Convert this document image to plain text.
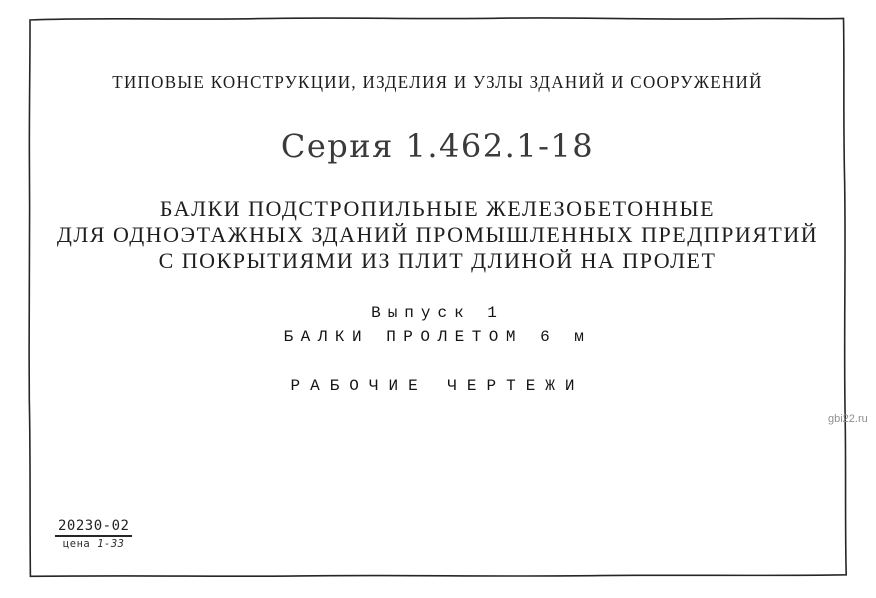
ТИПОВЫЕ КОНСТРУКЦИИ, ИЗДЕЛИЯ И УЗЛЫ ЗДАНИЙ И СООРУЖЕНИЙ
Серия 1.462.1-18
БАЛКИ ПОДСТРОПИЛЬНЫЕ ЖЕЛЕЗОБЕТОННЫЕ
ДЛЯ ОДНОЭТАЖНЫХ ЗДАНИЙ ПРОМЫШЛЕННЫХ ПРЕДПРИЯТИЙ
С ПОКРЫТИЯМИ ИЗ ПЛИТ ДЛИНОЙ НА ПРОЛЕТ
Выпуск 1
БАЛКИ ПРОЛЕТОМ 6 м
РАБОЧИЕ ЧЕРТЕЖИ
20230-02
цена 1-33
gbi22.ru
